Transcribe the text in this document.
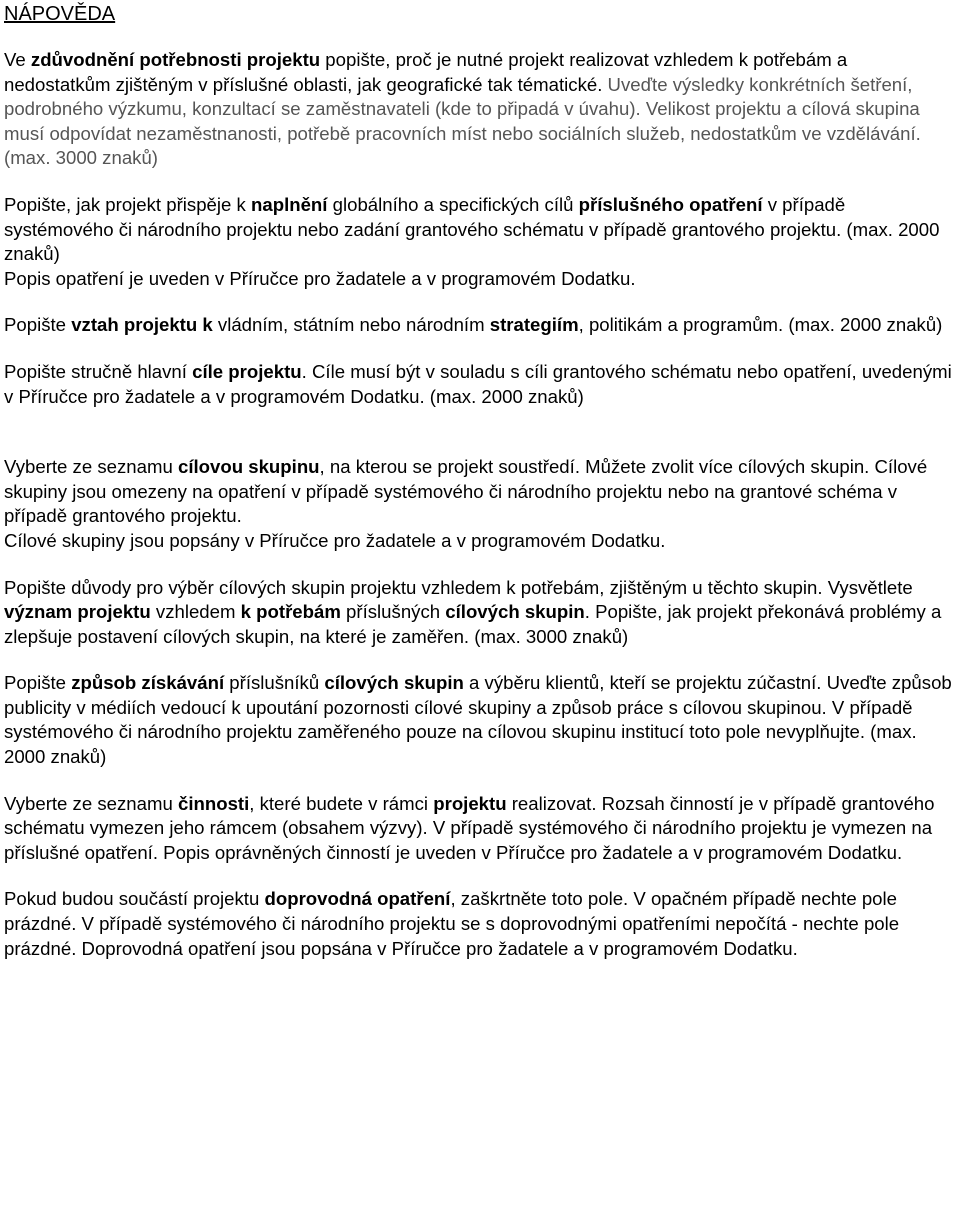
NÁPOVĚDA

Ve zdůvodnění potřebnosti projektu popište, proč je nutné projekt realizovat vzhledem k potřebám a nedostatkům zjištěným v příslušné oblasti, jak geografické tak tématické. Uveďte výsledky konkrétních šetření, podrobného výzkumu, konzultací se zaměstnavateli (kde to připadá v úvahu). Velikost projektu a cílová skupina musí odpovídat nezaměstnanosti, potřebě pracovních míst nebo sociálních služeb, nedostatkům ve vzdělávání. (max. 3000 znaků)

Popište, jak projekt přispěje k naplnění globálního a specifických cílů příslušného opatření v případě systémového či národního projektu nebo zadání grantového schématu v případě grantového projektu. (max. 2000 znaků)

Popis opatření je uveden v Příručce pro žadatele a v programovém Dodatku.

Popište vztah projektu k vládním, státním nebo národním strategiím, politikám a programům. (max. 2000 znaků)

Popište stručně hlavní cíle projektu. Cíle musí být v souladu s cíli grantového schématu nebo opatření, uvedenými v Příručce pro žadatele a v programovém Dodatku. (max. 2000 znaků)

Vyberte ze seznamu cílovou skupinu, na kterou se projekt soustředí. Můžete zvolit více cílových skupin. Cílové skupiny jsou omezeny na opatření v případě systémového či národního projektu nebo na grantové schéma v případě grantového projektu.

Cílové skupiny jsou popsány v Příručce pro žadatele a v programovém Dodatku.

Popište důvody pro výběr cílových skupin projektu vzhledem k potřebám, zjištěným u těchto skupin. Vysvětlete význam projektu vzhledem k potřebám příslušných cílových skupin. Popište, jak projekt překonává problémy a zlepšuje postavení cílových skupin, na které je zaměřen. (max. 3000 znaků)

Popište způsob získávání příslušníků cílových skupin a výběru klientů, kteří se projektu zúčastní. Uveďte způsob publicity v médiích vedoucí k upoutání pozornosti cílové skupiny a způsob práce s cílovou skupinou. V případě systémového či národního projektu zaměřeného pouze na cílovou skupinu institucí toto pole nevyplňujte. (max. 2000 znaků)

Vyberte ze seznamu činnosti, které budete v rámci projektu realizovat. Rozsah činností je v případě grantového schématu vymezen jeho rámcem (obsahem výzvy). V případě systémového či národního projektu je vymezen na příslušné opatření. Popis oprávněných činností je uveden v Příručce pro žadatele a v programovém Dodatku.

Pokud budou součástí projektu doprovodná opatření, zaškrtněte toto pole. V opačném případě nechte pole prázdné. V případě systémového či národního projektu se s doprovodnými opatřeními nepočítá - nechte pole prázdné. Doprovodná opatření jsou popsána v Příručce pro žadatele a v programovém Dodatku.
